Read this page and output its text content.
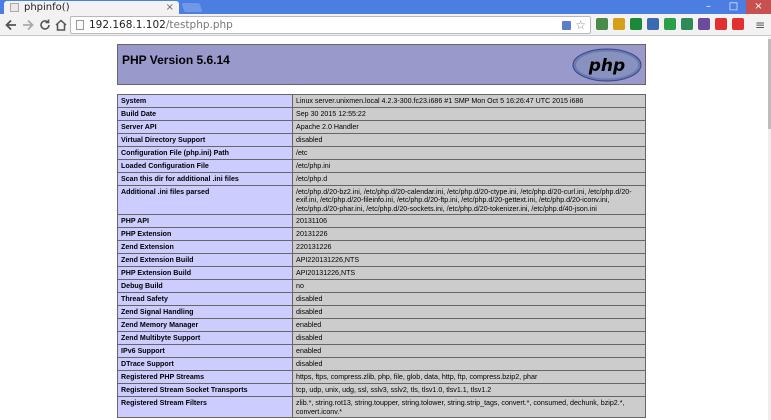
phpinfo()	×	–	□	×
192.168.1.102/testphp.php	☆	≡
PHP Version 5.6.14	php
System	Linux server.unixmen.local 4.2.3-300.fc23.i686 #1 SMP Mon Oct 5 16:26:47 UTC 2015 i686
Build Date	Sep 30 2015 12:55:22
Server API	Apache 2.0 Handler
Virtual Directory Support	disabled
Configuration File (php.ini) Path	/etc
Loaded Configuration File	/etc/php.ini
Scan this dir for additional .ini files	/etc/php.d
Additional .ini files parsed	/etc/php.d/20-bz2.ini, /etc/php.d/20-calendar.ini, /etc/php.d/20-ctype.ini, /etc/php.d/20-curl.ini, /etc/php.d/20-exif.ini, /etc/php.d/20-fileinfo.ini, /etc/php.d/20-ftp.ini, /etc/php.d/20-gettext.ini, /etc/php.d/20-iconv.ini, /etc/php.d/20-phar.ini, /etc/php.d/20-sockets.ini, /etc/php.d/20-tokenizer.ini, /etc/php.d/40-json.ini
PHP API	20131106
PHP Extension	20131226
Zend Extension	220131226
Zend Extension Build	API220131226,NTS
PHP Extension Build	API20131226,NTS
Debug Build	no
Thread Safety	disabled
Zend Signal Handling	disabled
Zend Memory Manager	enabled
Zend Multibyte Support	disabled
IPv6 Support	enabled
DTrace Support	disabled
Registered PHP Streams	https, ftps, compress.zlib, php, file, glob, data, http, ftp, compress.bzip2, phar
Registered Stream Socket Transports	tcp, udp, unix, udg, ssl, sslv3, sslv2, tls, tlsv1.0, tlsv1.1, tlsv1.2
Registered Stream Filters	zlib.*, string.rot13, string.toupper, string.tolower, string.strip_tags, convert.*, consumed, dechunk, bzip2.*, convert.iconv.*
